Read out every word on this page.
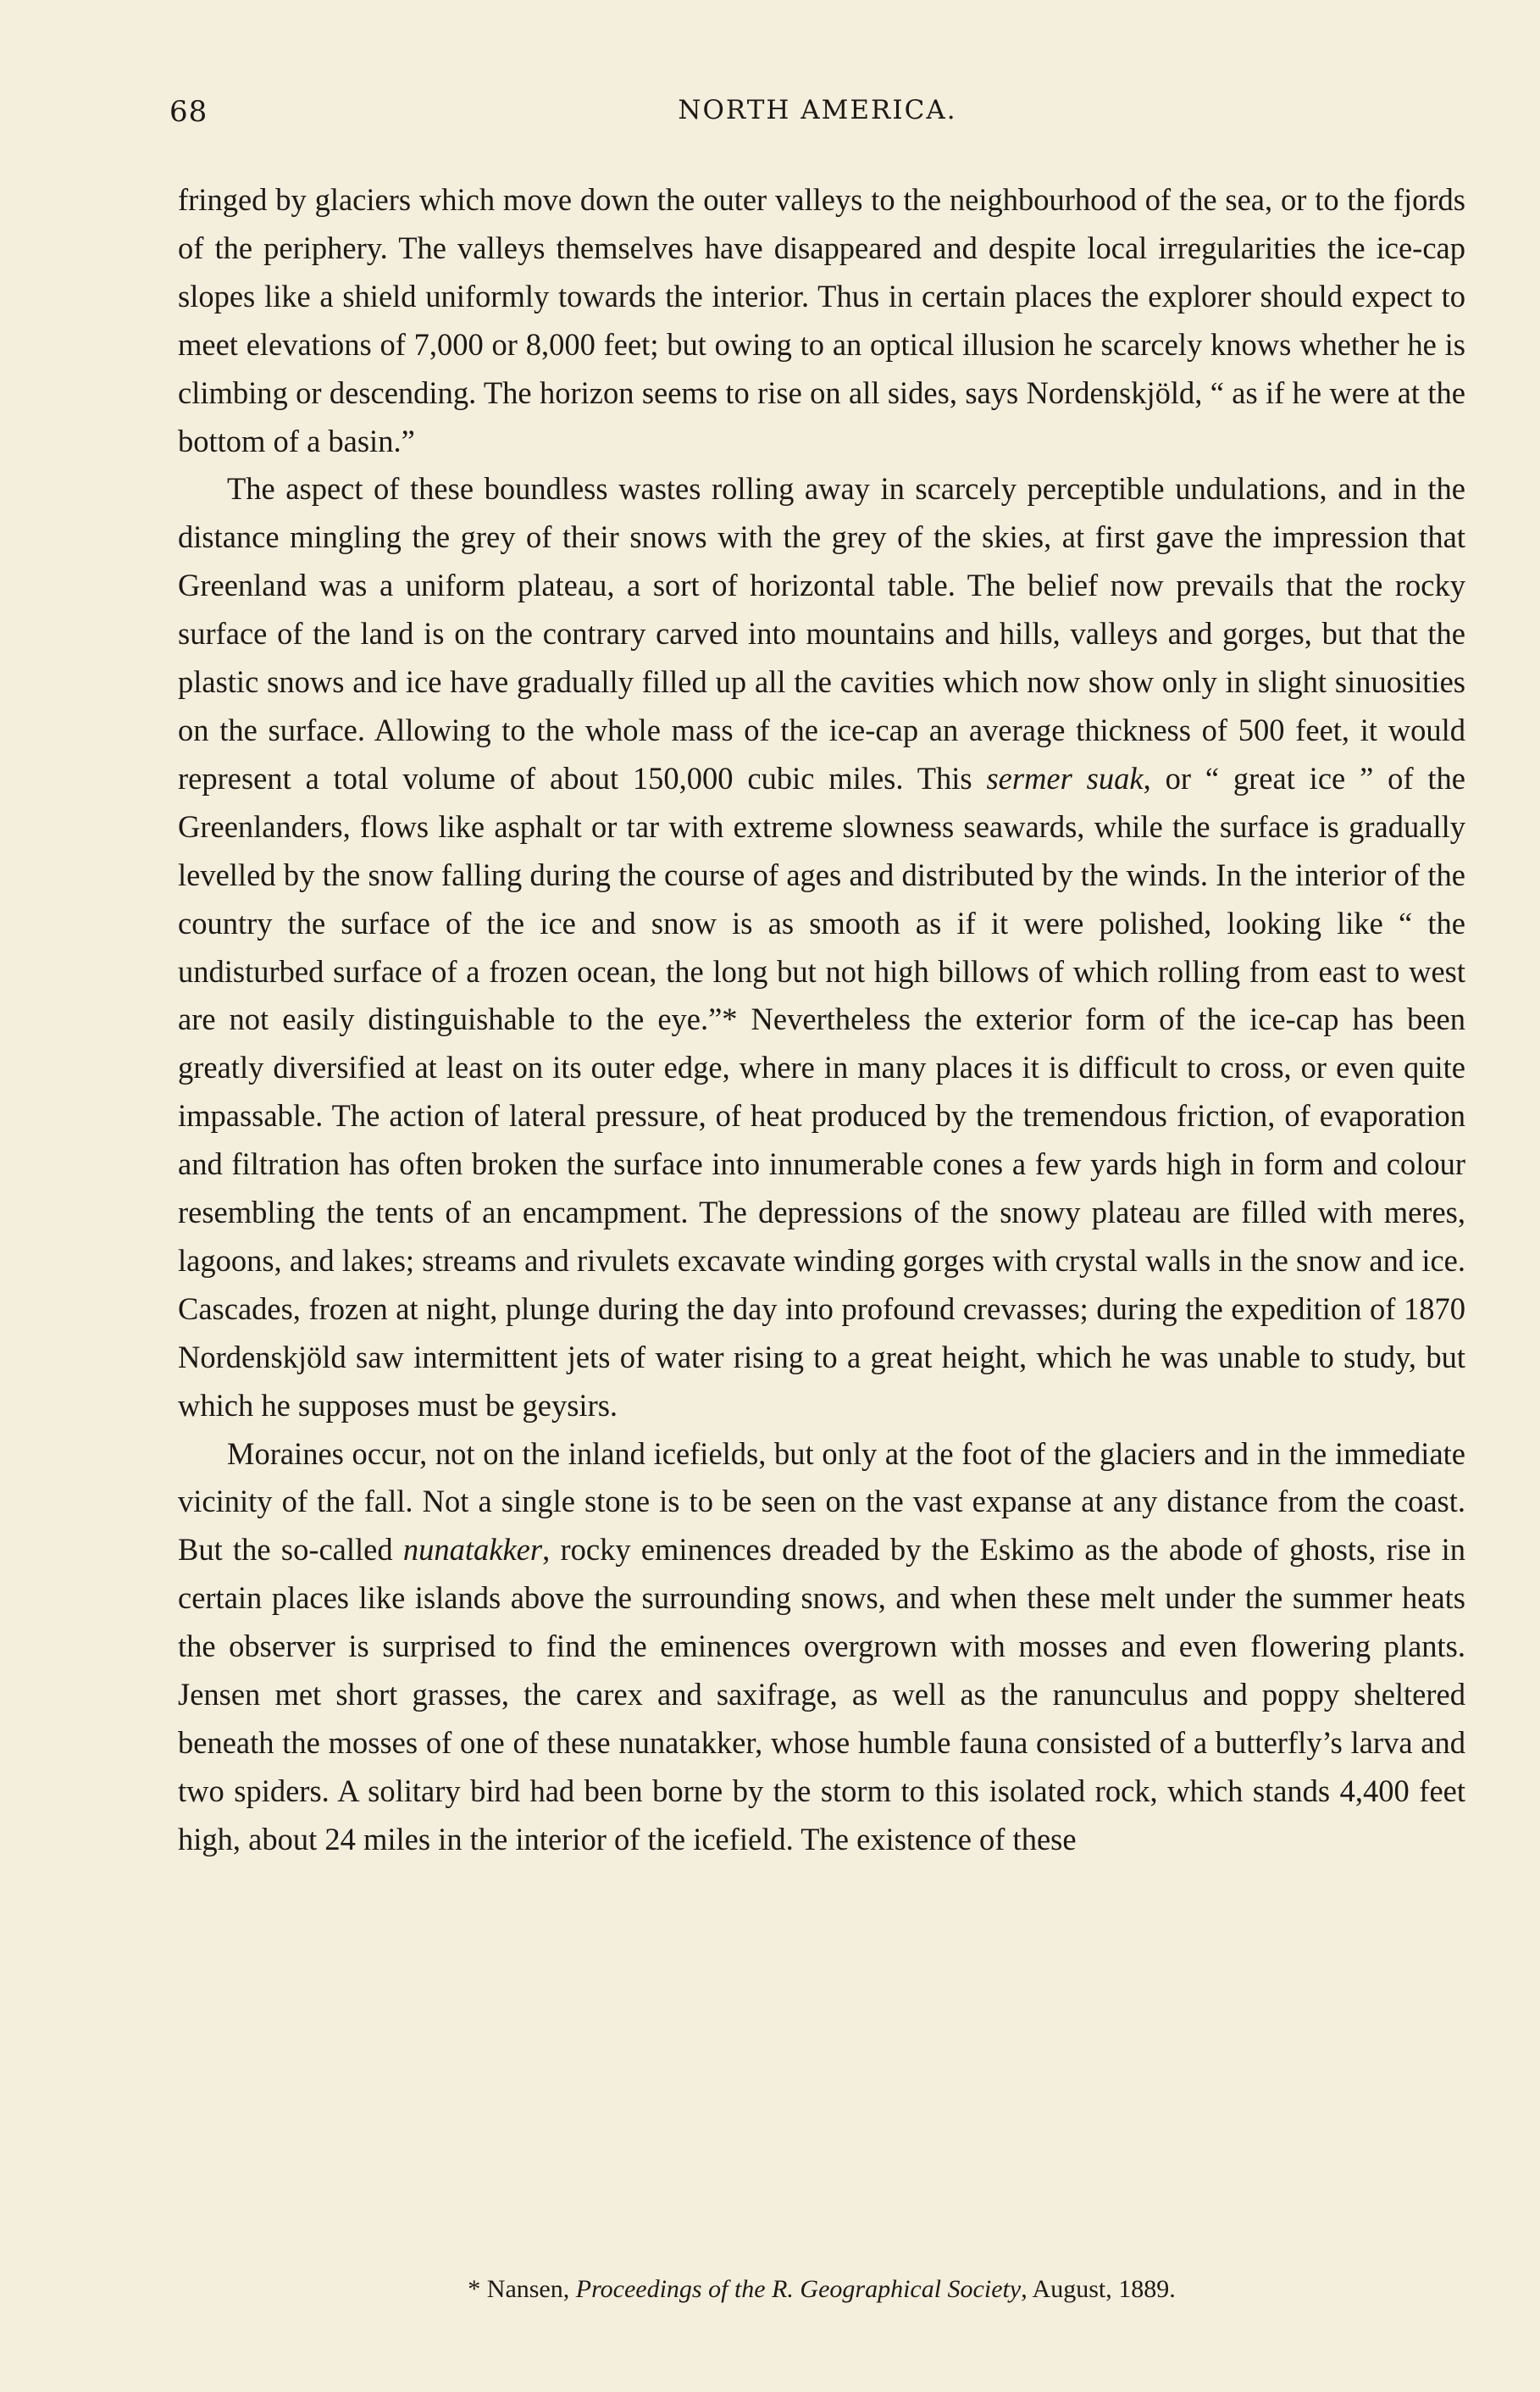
68	NORTH AMERICA.

fringed by glaciers which move down the outer valleys to the neighbourhood of the sea, or to the fjords of the periphery. The valleys themselves have disappeared and despite local irregularities the ice-cap slopes like a shield uniformly towards the interior. Thus in certain places the explorer should expect to meet elevations of 7,000 or 8,000 feet; but owing to an optical illusion he scarcely knows whether he is climbing or descending. The horizon seems to rise on all sides, says Nordenskjöld, “ as if he were at the bottom of a basin.”

The aspect of these boundless wastes rolling away in scarcely perceptible undulations, and in the distance mingling the grey of their snows with the grey of the skies, at first gave the impression that Greenland was a uniform plateau, a sort of horizontal table. The belief now prevails that the rocky surface of the land is on the contrary carved into mountains and hills, valleys and gorges, but that the plastic snows and ice have gradually filled up all the cavities which now show only in slight sinuosities on the surface. Allowing to the whole mass of the ice-cap an average thickness of 500 feet, it would represent a total volume of about 150,000 cubic miles. This sermer suak, or “ great ice ” of the Greenlanders, flows like asphalt or tar with extreme slowness seawards, while the surface is gradually levelled by the snow falling during the course of ages and distributed by the winds. In the interior of the country the surface of the ice and snow is as smooth as if it were polished, looking like “ the undisturbed surface of a frozen ocean, the long but not high billows of which rolling from east to west are not easily distinguishable to the eye.”* Nevertheless the exterior form of the ice-cap has been greatly diversified at least on its outer edge, where in many places it is difficult to cross, or even quite impassable. The action of lateral pressure, of heat produced by the tremendous friction, of evaporation and filtration has often broken the surface into innumerable cones a few yards high in form and colour resembling the tents of an encampment. The depressions of the snowy plateau are filled with meres, lagoons, and lakes; streams and rivulets excavate winding gorges with crystal walls in the snow and ice. Cascades, frozen at night, plunge during the day into profound crevasses; during the expedition of 1870 Nordenskjöld saw intermittent jets of water rising to a great height, which he was unable to study, but which he supposes must be geysirs.

Moraines occur, not on the inland icefields, but only at the foot of the glaciers and in the immediate vicinity of the fall. Not a single stone is to be seen on the vast expanse at any distance from the coast. But the so-called nunatakker, rocky eminences dreaded by the Eskimo as the abode of ghosts, rise in certain places like islands above the surrounding snows, and when these melt under the summer heats the observer is surprised to find the eminences overgrown with mosses and even flowering plants. Jensen met short grasses, the carex and saxifrage, as well as the ranunculus and poppy sheltered beneath the mosses of one of these nunatakker, whose humble fauna consisted of a butterfly’s larva and two spiders. A solitary bird had been borne by the storm to this isolated rock, which stands 4,400 feet high, about 24 miles in the interior of the icefield. The existence of these

* Nansen, Proceedings of the R. Geographical Society, August, 1889.
